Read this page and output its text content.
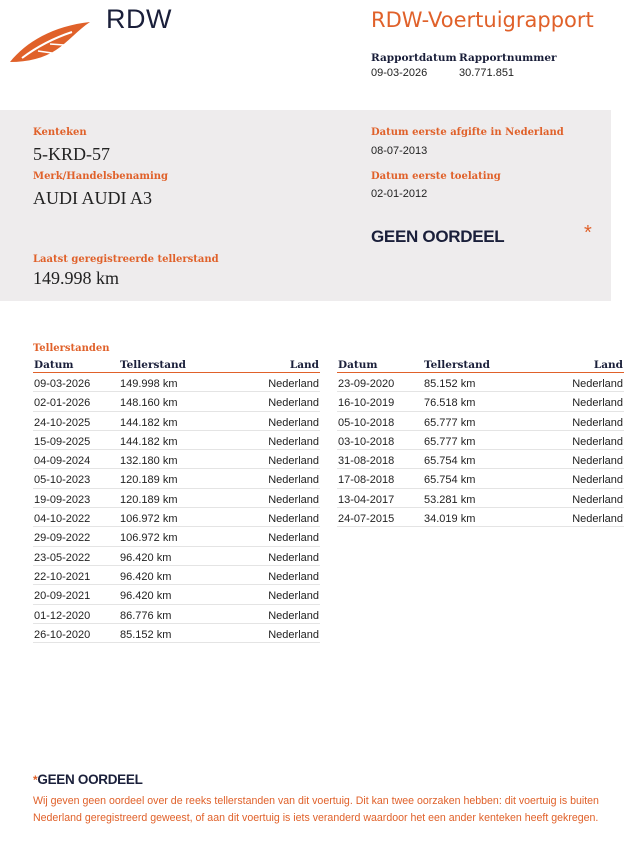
RDW	RDW-Voertuigrapport
Rapportdatum
09-03-2026
Rapportnummer
30.771.851
Kenteken
5-KRD-57
Merk/Handelsbenaming
AUDI AUDI A3
Datum eerste afgifte in Nederland
08-07-2013
Datum eerste toelating
02-01-2012
GEEN OORDEEL	*
Laatst geregistreerde tellerstand
149.998 km
Tellerstanden
Datum	Tellerstand	Land
09-03-2026	149.998 km	Nederland
02-01-2026	148.160 km	Nederland
24-10-2025	144.182 km	Nederland
15-09-2025	144.182 km	Nederland
04-09-2024	132.180 km	Nederland
05-10-2023	120.189 km	Nederland
19-09-2023	120.189 km	Nederland
04-10-2022	106.972 km	Nederland
29-09-2022	106.972 km	Nederland
23-05-2022	96.420 km	Nederland
22-10-2021	96.420 km	Nederland
20-09-2021	96.420 km	Nederland
01-12-2020	86.776 km	Nederland
26-10-2020	85.152 km	Nederland
Datum	Tellerstand	Land
23-09-2020	85.152 km	Nederland
16-10-2019	76.518 km	Nederland
05-10-2018	65.777 km	Nederland
03-10-2018	65.777 km	Nederland
31-08-2018	65.754 km	Nederland
17-08-2018	65.754 km	Nederland
13-04-2017	53.281 km	Nederland
24-07-2015	34.019 km	Nederland
*GEEN OORDEEL
Wij geven geen oordeel over de reeks tellerstanden van dit voertuig. Dit kan twee oorzaken hebben: dit voertuig is buiten Nederland geregistreerd geweest, of aan dit voertuig is iets veranderd waardoor het een ander kenteken heeft gekregen.
